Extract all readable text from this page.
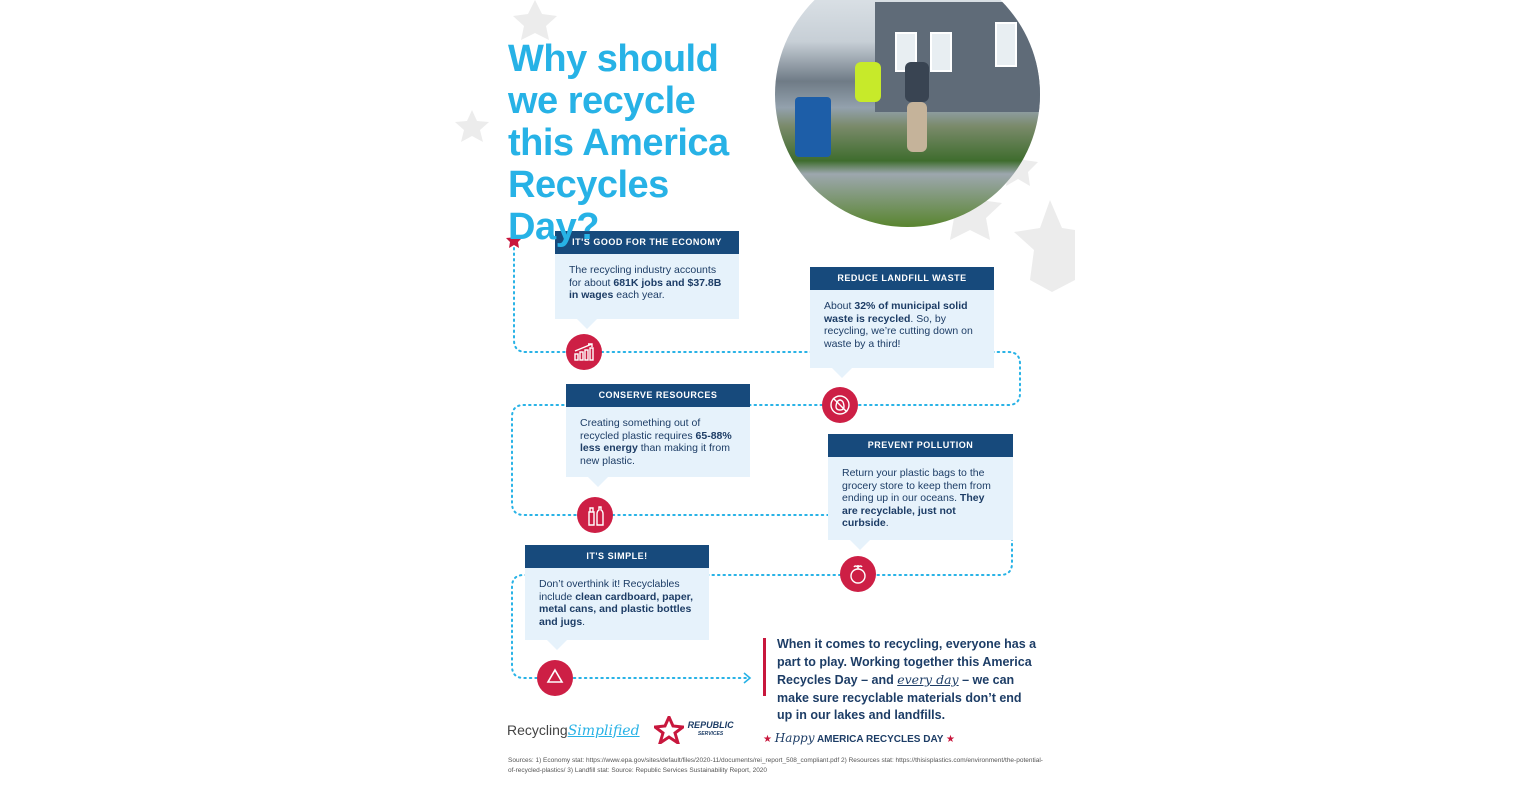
Why should we recycle this America Recycles Day?
IT'S GOOD FOR THE ECONOMY
The recycling industry accounts for about 681K jobs and $37.8B in wages each year.
REDUCE LANDFILL WASTE
About 32% of municipal solid waste is recycled. So, by recycling, we’re cutting down on waste by a third!
CONSERVE RESOURCES
Creating something out of recycled plastic requires 65-88% less energy than making it from new plastic.
PREVENT POLLUTION
Return your plastic bags to the grocery store to keep them from ending up in our oceans. They are recyclable, just not curbside.
IT'S SIMPLE!
Don’t overthink it! Recyclables include clean cardboard, paper, metal cans, and plastic bottles and jugs.
When it comes to recycling, everyone has a part to play. Working together this America Recycles Day – and every day – we can make sure recyclable materials don’t end up in our lakes and landfills.
★ Happy AMERICA RECYCLES DAY ★
RecyclingSimplified	REPUBLIC
SERVICES
Sources: 1) Economy stat: https://www.epa.gov/sites/default/files/2020-11/documents/rei_report_508_compliant.pdf 2) Resources stat: https://thisisplastics.com/environment/the-potential-of-recycled-plastics/ 3) Landfill stat: Source: Republic Services Sustainability Report, 2020
